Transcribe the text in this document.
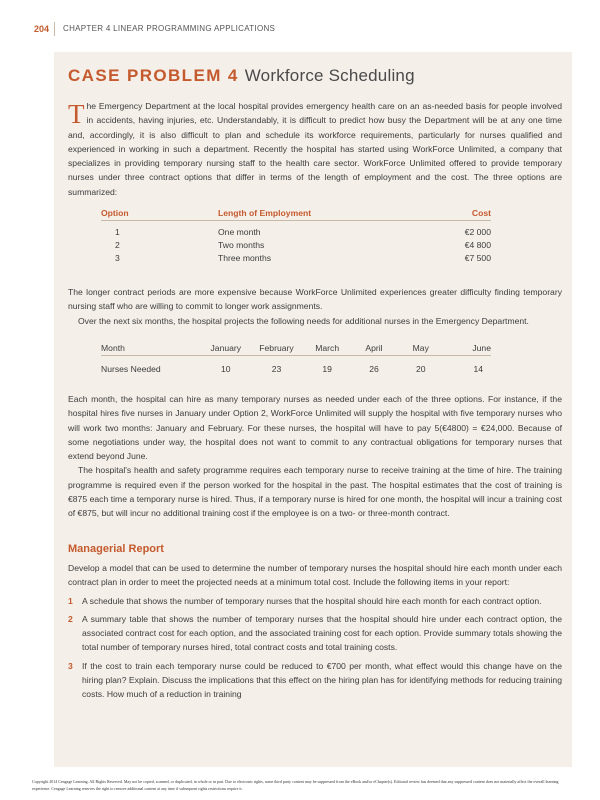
204 CHAPTER 4 LINEAR PROGRAMMING APPLICATIONS
CASE PROBLEM 4 Workforce Scheduling
The Emergency Department at the local hospital provides emergency health care on an as-needed basis for people involved in accidents, having injuries, etc. Understandably, it is difficult to predict how busy the Department will be at any one time and, accordingly, it is also difficult to plan and schedule its workforce requirements, particularly for nurses qualified and experienced in working in such a department. Recently the hospital has started using WorkForce Unlimited, a company that specializes in providing temporary nursing staff to the health care sector. WorkForce Unlimited offered to provide temporary nurses under three contract options that differ in terms of the length of employment and the cost. The three options are summarized:
Option	Length of Employment	Cost
1	One month	€2 000
2	Two months	€4 800
3	Three months	€7 500

The longer contract periods are more expensive because WorkForce Unlimited experiences greater difficulty finding temporary nursing staff who are willing to commit to longer work assignments.

Over the next six months, the hospital projects the following needs for additional nurses in the Emergency Department.

Month	January	February	March	April	May	June
Nurses Needed	10	23	19	26	20	14

Each month, the hospital can hire as many temporary nurses as needed under each of the three options. For instance, if the hospital hires five nurses in January under Option 2, WorkForce Unlimited will supply the hospital with five temporary nurses who will work two months: January and February. For these nurses, the hospital will have to pay 5(€4800) = €24,000. Because of some negotiations under way, the hospital does not want to commit to any contractual obligations for temporary nurses that extend beyond June.

The hospital's health and safety programme requires each temporary nurse to receive training at the time of hire. The training programme is required even if the person worked for the hospital in the past. The hospital estimates that the cost of training is €875 each time a temporary nurse is hired. Thus, if a temporary nurse is hired for one month, the hospital will incur a training cost of €875, but will incur no additional training cost if the employee is on a two- or three-month contract.

Managerial Report

Develop a model that can be used to determine the number of temporary nurses the hospital should hire each month under each contract plan in order to meet the projected needs at a minimum total cost. Include the following items in your report:

1 A schedule that shows the number of temporary nurses that the hospital should hire each month for each contract option.
2 A summary table that shows the number of temporary nurses that the hospital should hire under each contract option, the associated contract cost for each option, and the associated training cost for each option. Provide summary totals showing the total number of temporary nurses hired, total contract costs and total training costs.
3 If the cost to train each temporary nurse could be reduced to €700 per month, what effect would this change have on the hiring plan? Explain. Discuss the implications that this effect on the hiring plan has for identifying methods for reducing training costs. How much of a reduction in training
Copyright 2014 Cengage Learning. All Rights Reserved. May not be copied, scanned, or duplicated, in whole or in part. Due to electronic rights, some third party content may be suppressed from the eBook and/or eChapter(s). Editorial review has deemed that any suppressed content does not materially affect the overall learning experience. Cengage Learning reserves the right to remove additional content at any time if subsequent rights restrictions require it.
